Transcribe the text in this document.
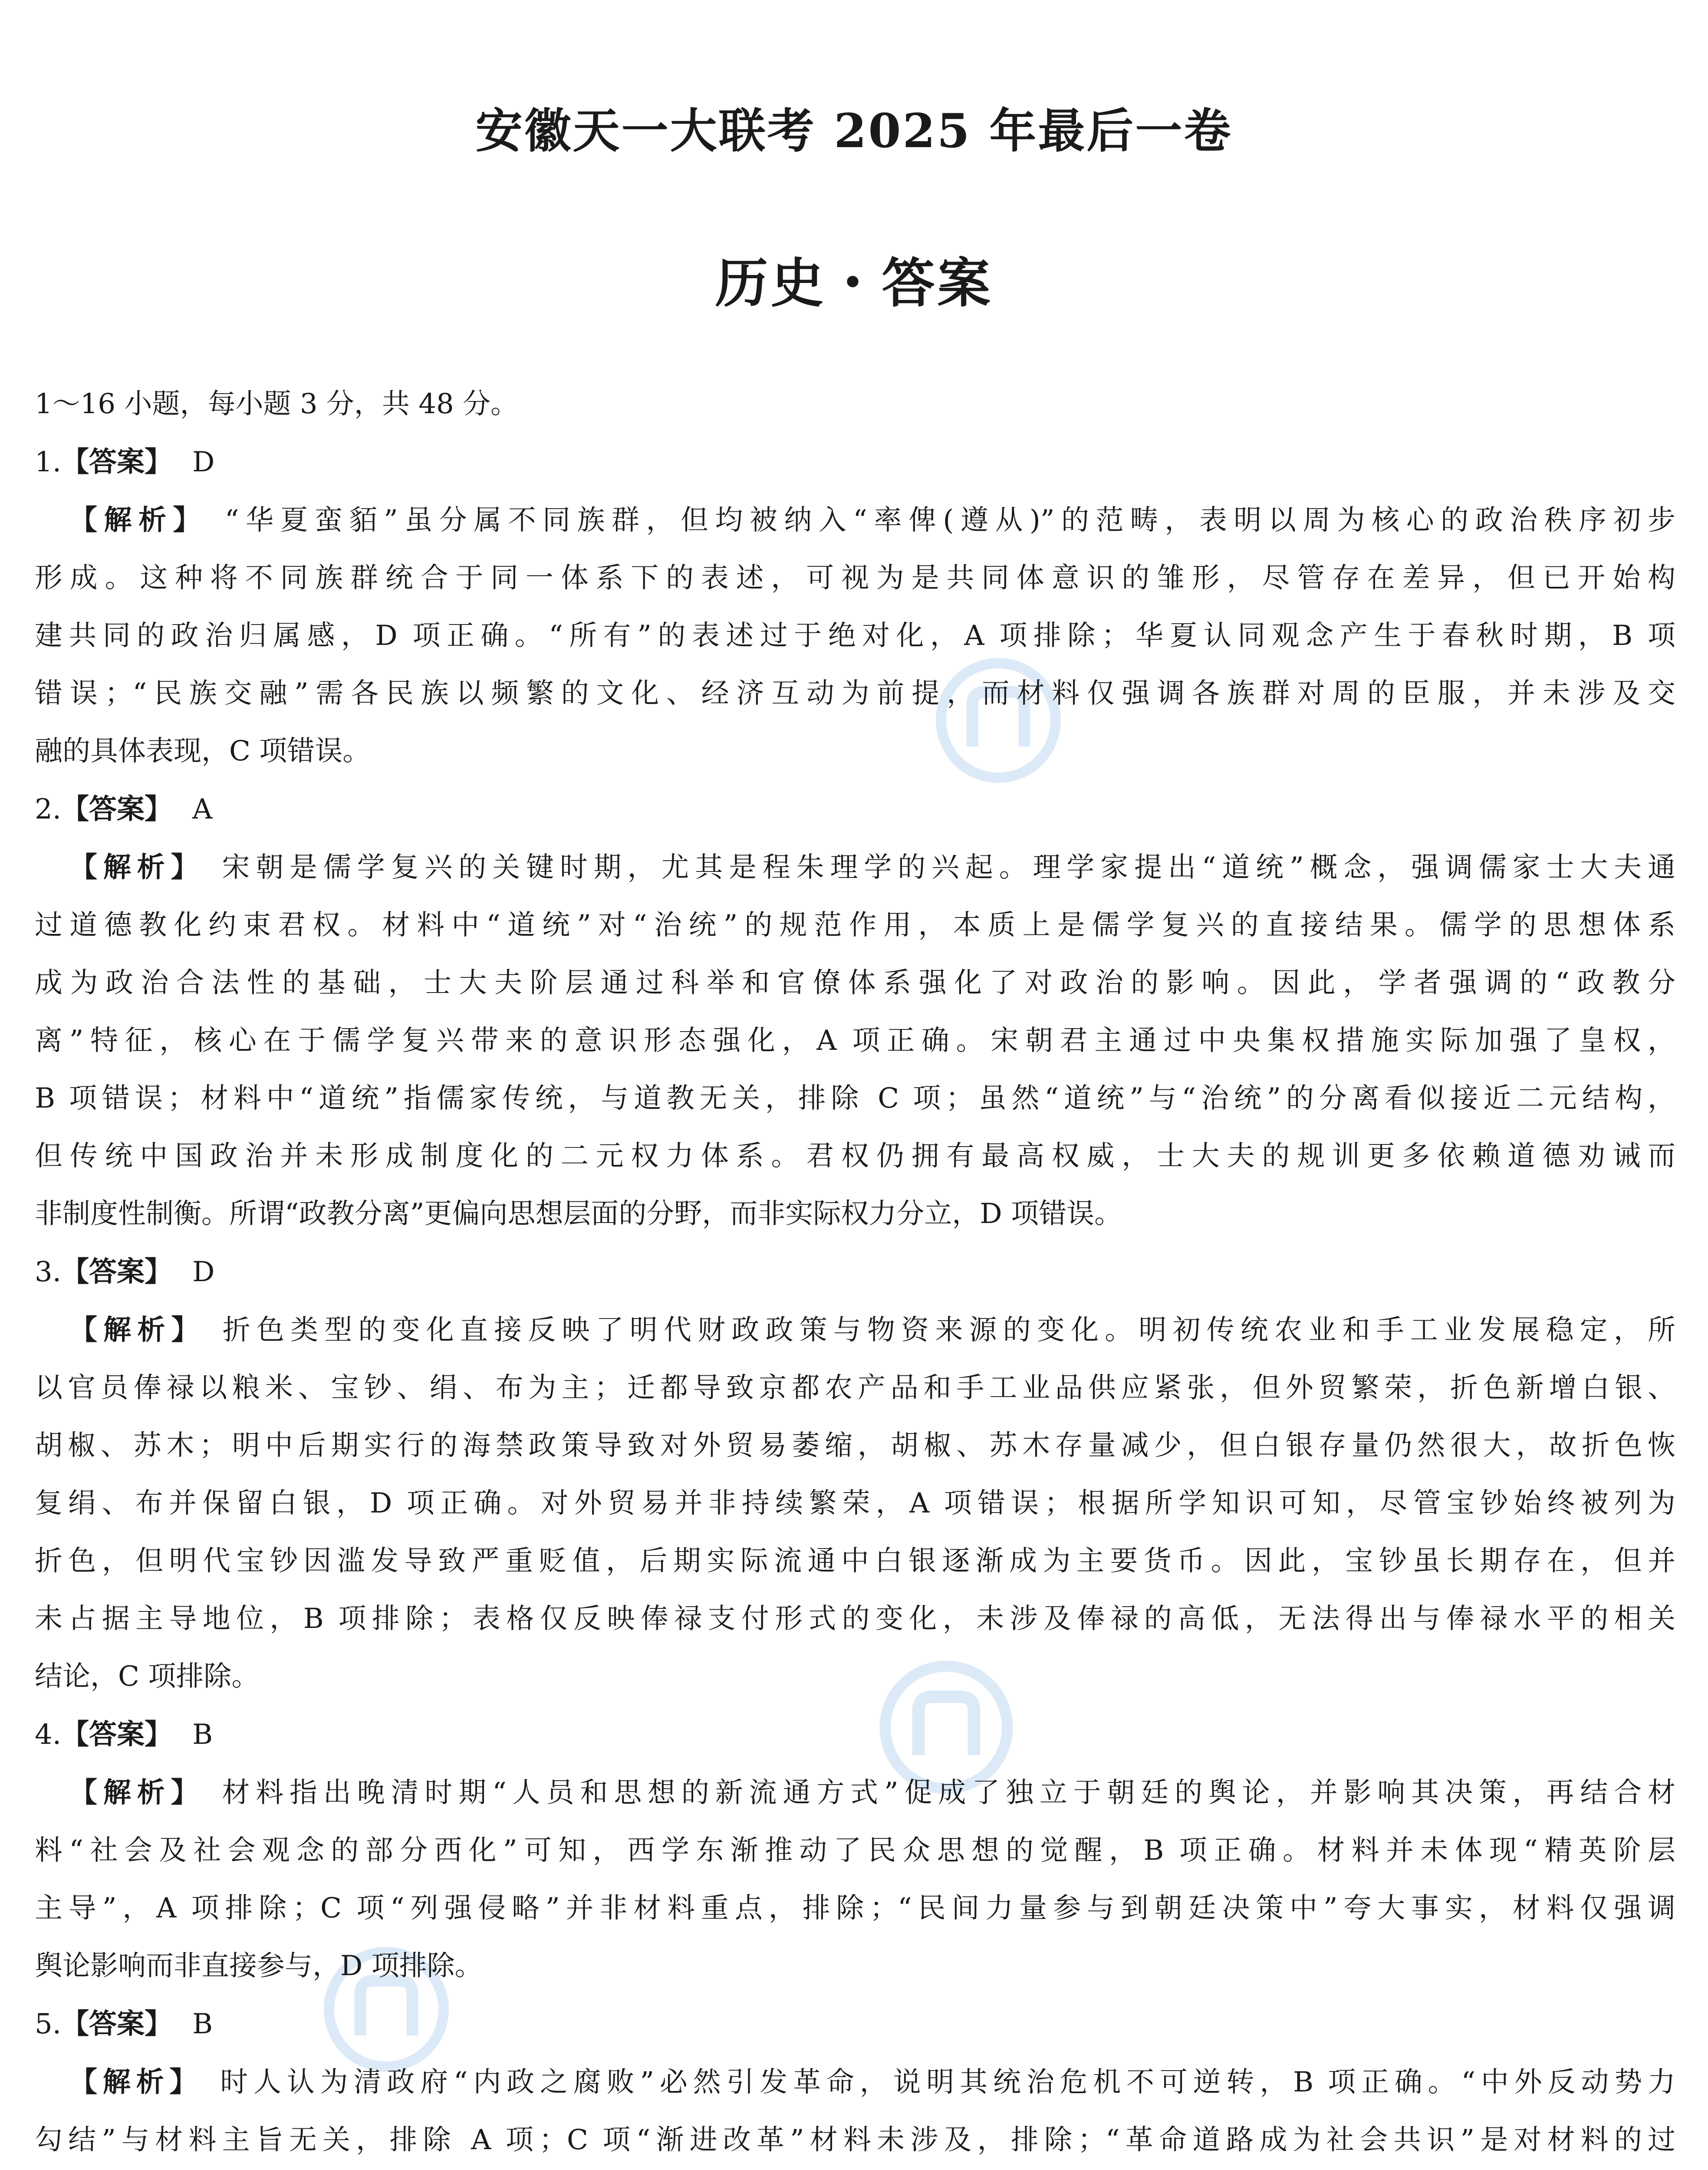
安徽天一大联考 2025 年最后一卷
历史・答案
1～16 小题，每小题 3 分，共 48 分。
1.【答案】 D
【解析】 “华夏蛮貊”虽分属不同族群，但均被纳入“率俾(遵从)”的范畴，表明以周为核心的政治秩序初步
形成。这种将不同族群统合于同一体系下的表述，可视为是共同体意识的雏形，尽管存在差异，但已开始构
建共同的政治归属感，D 项正确。“所有”的表述过于绝对化，A 项排除；华夏认同观念产生于春秋时期，B 项
错误；“民族交融”需各民族以频繁的文化、经济互动为前提，而材料仅强调各族群对周的臣服，并未涉及交
融的具体表现，C 项错误。
2.【答案】 A
【解析】 宋朝是儒学复兴的关键时期，尤其是程朱理学的兴起。理学家提出“道统”概念，强调儒家士大夫通
过道德教化约束君权。材料中“道统”对“治统”的规范作用，本质上是儒学复兴的直接结果。儒学的思想体系
成为政治合法性的基础，士大夫阶层通过科举和官僚体系强化了对政治的影响。因此，学者强调的“政教分
离”特征，核心在于儒学复兴带来的意识形态强化，A 项正确。宋朝君主通过中央集权措施实际加强了皇权，
B 项错误；材料中“道统”指儒家传统，与道教无关，排除 C 项；虽然“道统”与“治统”的分离看似接近二元结构，
但传统中国政治并未形成制度化的二元权力体系。君权仍拥有最高权威，士大夫的规训更多依赖道德劝诫而
非制度性制衡。所谓“政教分离”更偏向思想层面的分野，而非实际权力分立，D 项错误。
3.【答案】 D
【解析】 折色类型的变化直接反映了明代财政政策与物资来源的变化。明初传统农业和手工业发展稳定，所
以官员俸禄以粮米、宝钞、绢、布为主；迁都导致京都农产品和手工业品供应紧张，但外贸繁荣，折色新增白银、
胡椒、苏木；明中后期实行的海禁政策导致对外贸易萎缩，胡椒、苏木存量减少，但白银存量仍然很大，故折色恢
复绢、布并保留白银，D 项正确。对外贸易并非持续繁荣，A 项错误；根据所学知识可知，尽管宝钞始终被列为
折色，但明代宝钞因滥发导致严重贬值，后期实际流通中白银逐渐成为主要货币。因此，宝钞虽长期存在，但并
未占据主导地位，B 项排除；表格仅反映俸禄支付形式的变化，未涉及俸禄的高低，无法得出与俸禄水平的相关
结论，C 项排除。
4.【答案】 B
【解析】 材料指出晚清时期“人员和思想的新流通方式”促成了独立于朝廷的舆论，并影响其决策，再结合材
料“社会及社会观念的部分西化”可知，西学东渐推动了民众思想的觉醒，B 项正确。材料并未体现“精英阶层
主导”，A 项排除；C 项“列强侵略”并非材料重点，排除；“民间力量参与到朝廷决策中”夸大事实，材料仅强调
舆论影响而非直接参与，D 项排除。
5.【答案】 B
【解析】 时人认为清政府“内政之腐败”必然引发革命，说明其统治危机不可逆转，B 项正确。“中外反动势力
勾结”与材料主旨无关，排除 A 项；C 项“渐进改革”材料未涉及，排除；“革命道路成为社会共识”是对材料的过
